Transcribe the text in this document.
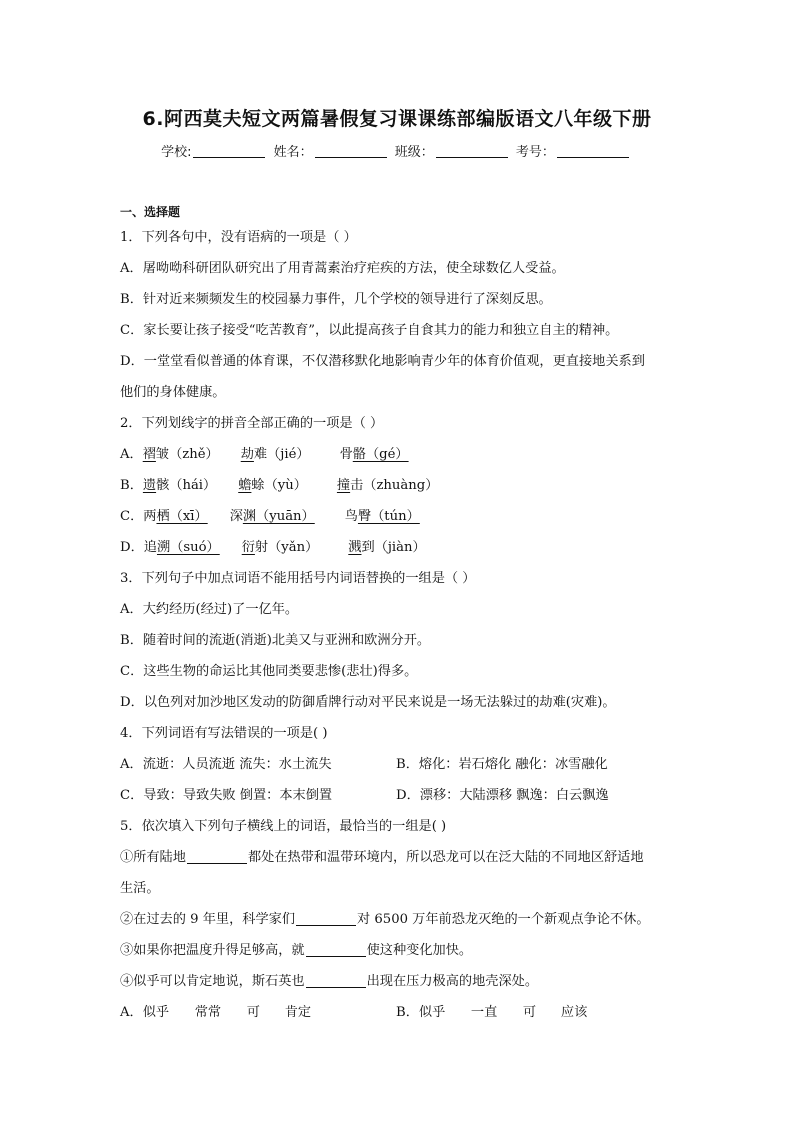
6.阿西莫夫短文两篇暑假复习课课练部编版语文八年级下册
学校:	姓名：	班级：	考号：
一、选择题
1．下列各句中，没有语病的一项是（ ）
A．屠呦呦科研团队研究出了用青蒿素治疗疟疾的方法，使全球数亿人受益。
B．针对近来频频发生的校园暴力事件，几个学校的领导进行了深刻反思。
C．家长要让孩子接受“吃苦教育”，以此提高孩子自食其力的能力和独立自主的精神。
D．一堂堂看似普通的体育课，不仅潜移默化地影响青少年的体育价值观，更直接地关系到
他们的身体健康。
2．下列划线字的拼音全部正确的一项是（ ）
A．褶皱（zhě） 劫难（jié） 骨骼（gé）
B．遗骸（hái） 蟾蜍（yù） 撞击（zhuàng）
C．两栖（xī） 深渊（yuān） 鸟臀（tún）
D．追溯（suó） 衍射（yǎn） 溅到（jiàn）
3．下列句子中加点词语不能用括号内词语替换的一组是（ ）
A．大约经历(经过)了一亿年。
B．随着时间的流逝(消逝)北美又与亚洲和欧洲分开。
C．这些生物的命运比其他同类要悲惨(悲壮)得多。
D．以色列对加沙地区发动的防御盾牌行动对平民来说是一场无法躲过的劫难(灾难)。
4．下列词语有写法错误的一项是( )
A．流逝：人员流逝 流失：水土流失	B．熔化：岩石熔化 融化：冰雪融化
C．导致：导致失败 倒置：本末倒置	D．漂移：大陆漂移 飘逸：白云飘逸
5．依次填入下列句子横线上的词语，最恰当的一组是( )
①所有陆地	都处在热带和温带环境内，所以恐龙可以在泛大陆的不同地区舒适地
生活。
②在过去的 9 年里，科学家们	对 6500 万年前恐龙灭绝的一个新观点争论不休。
③如果你把温度升得足够高，就	使这种变化加快。
④似乎可以肯定地说，斯石英也	出现在压力极高的地壳深处。
A．似乎 常常 可 肯定	B．似乎 一直 可 应该
